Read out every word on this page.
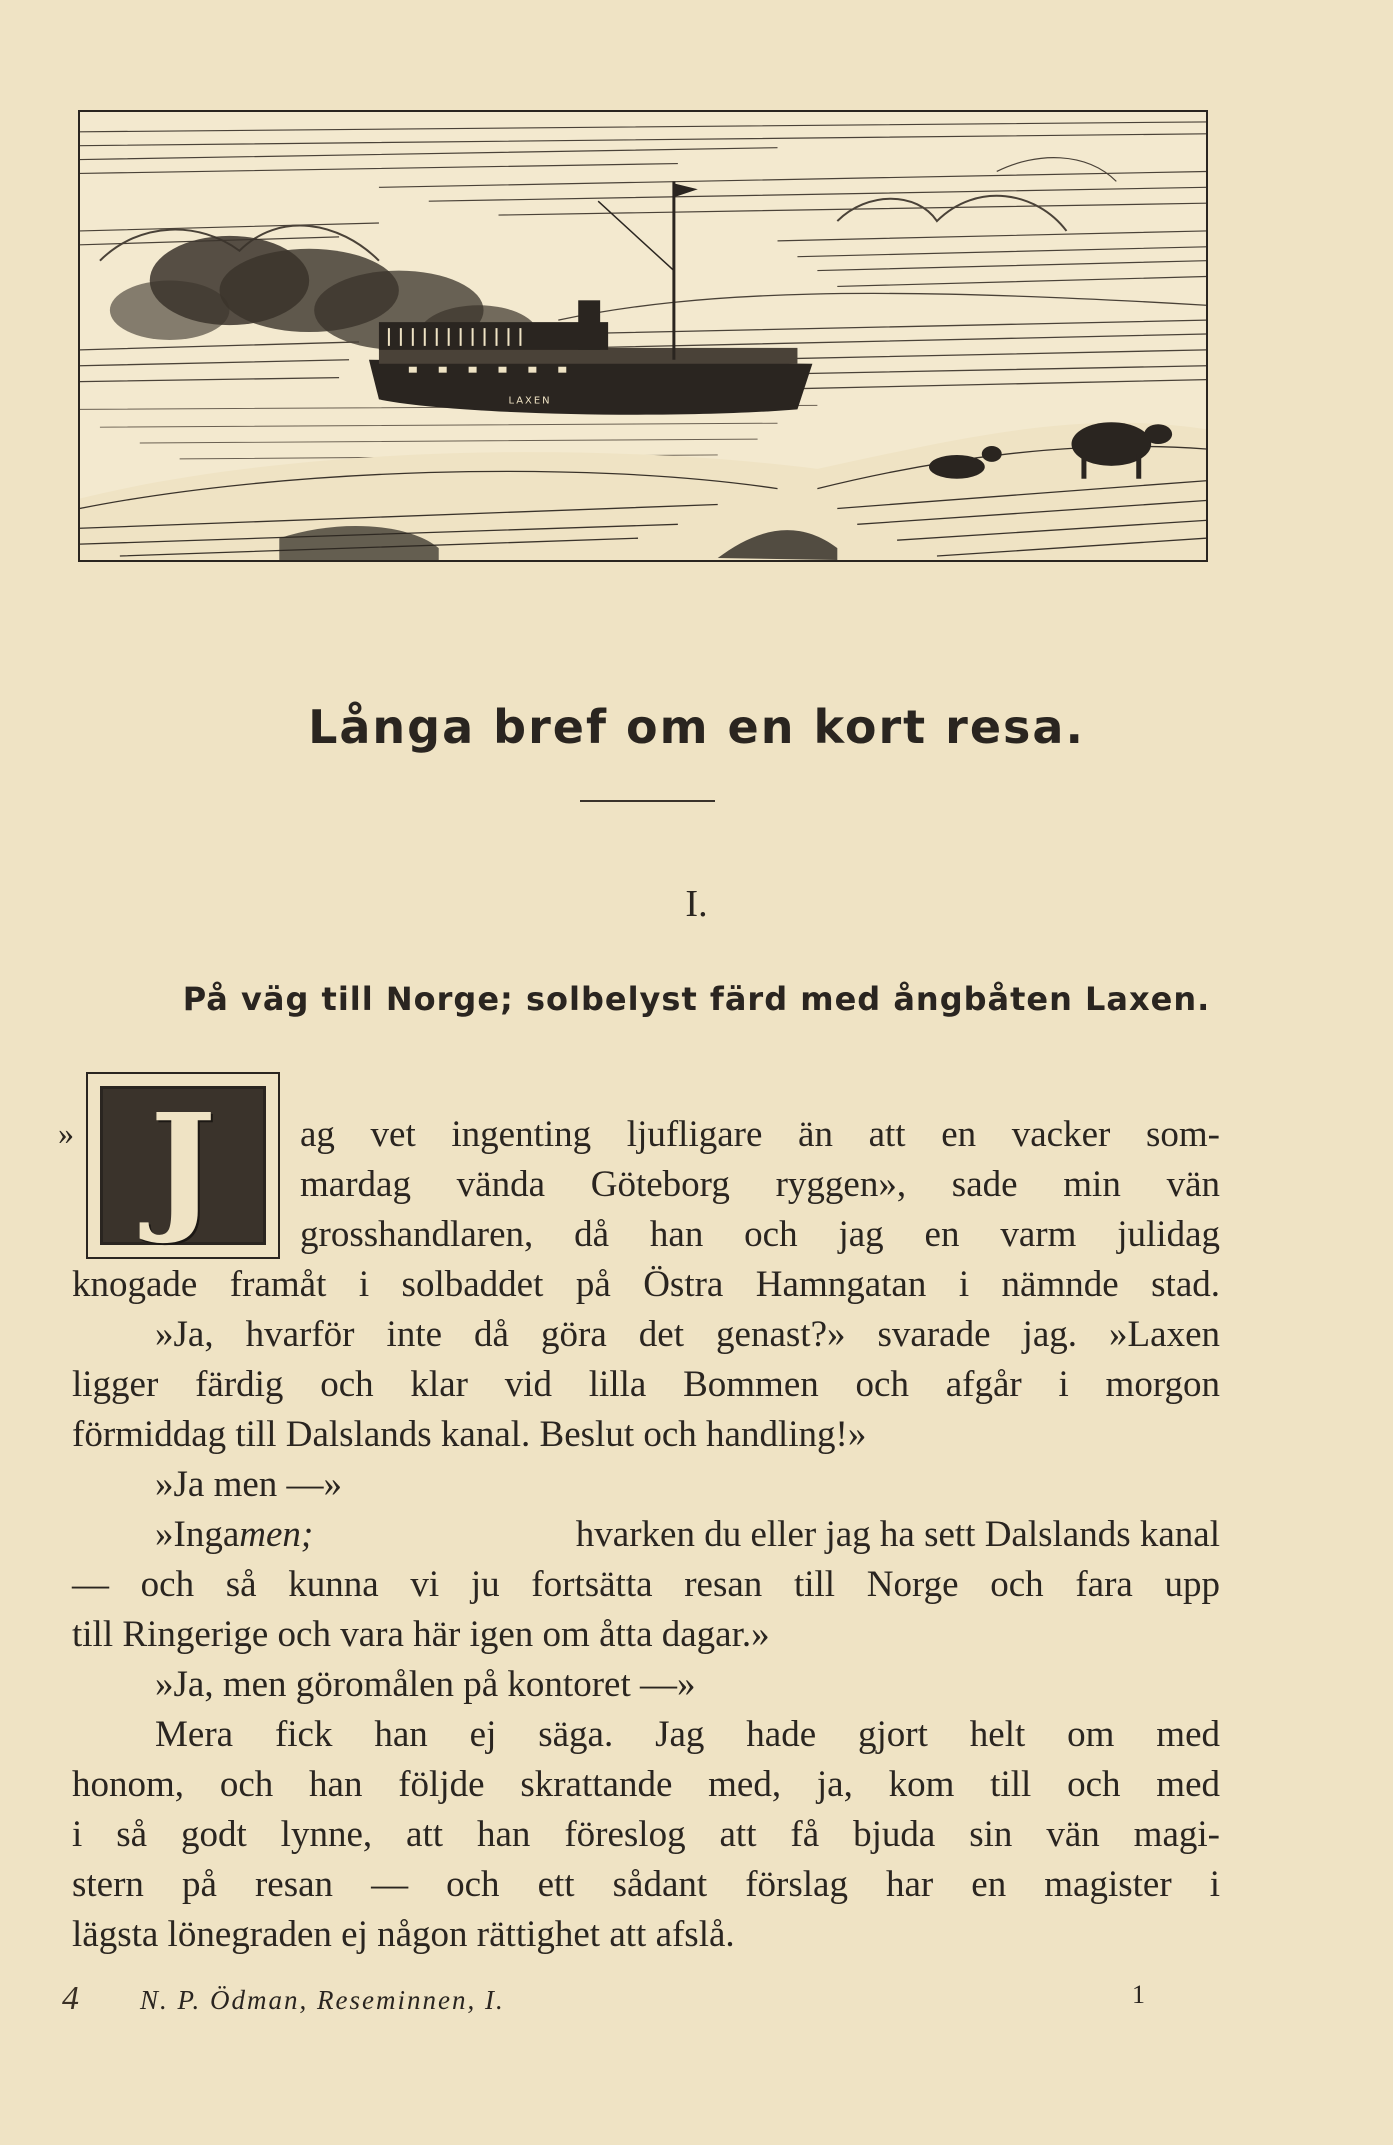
LAXEN
Långa bref om en kort resa.
I.
På väg till Norge; solbelyst färd med ångbåten Laxen.
» J ag vet ingenting ljufligare än att en vacker som-
mardag vända Göteborg ryggen», sade min vän
grosshandlaren, då han och jag en varm julidag
knogade framåt i solbaddet på Östra Hamngatan i nämnde stad.
»Ja, hvarför inte då göra det genast?» svarade jag. »Laxen
ligger färdig och klar vid lilla Bommen och afgår i morgon
förmiddag till Dalslands kanal. Beslut och handling!»
»Ja men —»
»Inga men;	hvarken du eller jag ha sett Dalslands kanal
— och så kunna vi ju fortsätta resan till Norge och fara upp
till Ringerige och vara här igen om åtta dagar.»
»Ja, men göromålen på kontoret —»
Mera fick han ej säga. Jag hade gjort helt om med
honom, och han följde skrattande med, ja, kom till och med
i så godt lynne, att han föreslog att få bjuda sin vän magi-
stern på resan — och ett sådant förslag har en magister i
lägsta lönegraden ej någon rättighet att afslå.
4 N. P. Ödman, Reseminnen, I.	1
